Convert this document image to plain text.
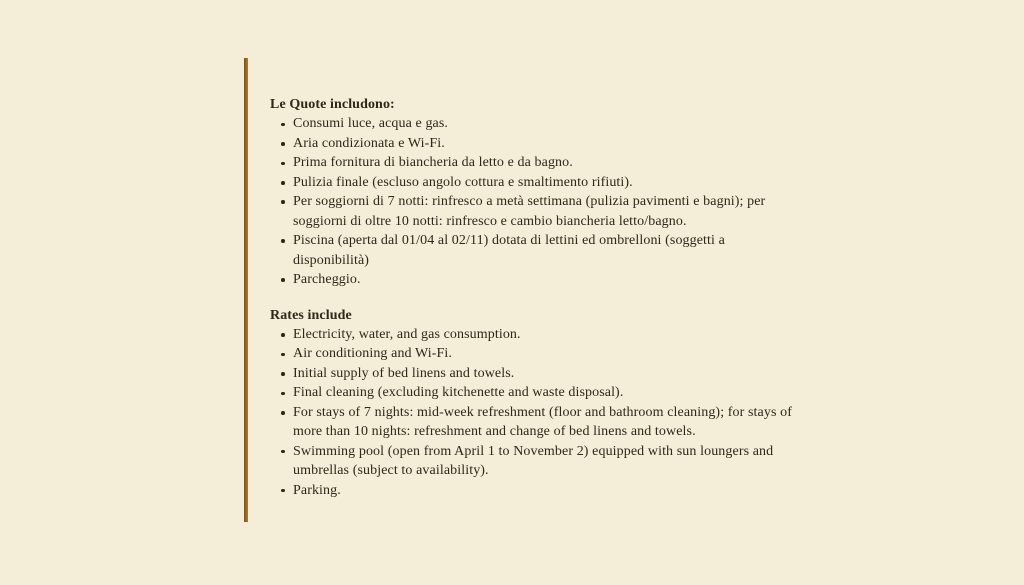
Le Quote includono:
Consumi luce, acqua e gas.
Aria condizionata e Wi-Fi.
Prima fornitura di biancheria da letto e da bagno.
Pulizia finale (escluso angolo cottura e smaltimento rifiuti).
Per soggiorni di 7 notti: rinfresco a metà settimana (pulizia pavimenti e bagni); per
soggiorni di oltre 10 notti: rinfresco e cambio biancheria letto/bagno.
Piscina (aperta dal 01/04 al 02/11) dotata di lettini ed ombrelloni (soggetti a
disponibilità)
Parcheggio.
Rates include
Electricity, water, and gas consumption.
Air conditioning and Wi-Fi.
Initial supply of bed linens and towels.
Final cleaning (excluding kitchenette and waste disposal).
For stays of 7 nights: mid-week refreshment (floor and bathroom cleaning); for stays of
more than 10 nights: refreshment and change of bed linens and towels.
Swimming pool (open from April 1 to November 2) equipped with sun loungers and
umbrellas (subject to availability).
Parking.
